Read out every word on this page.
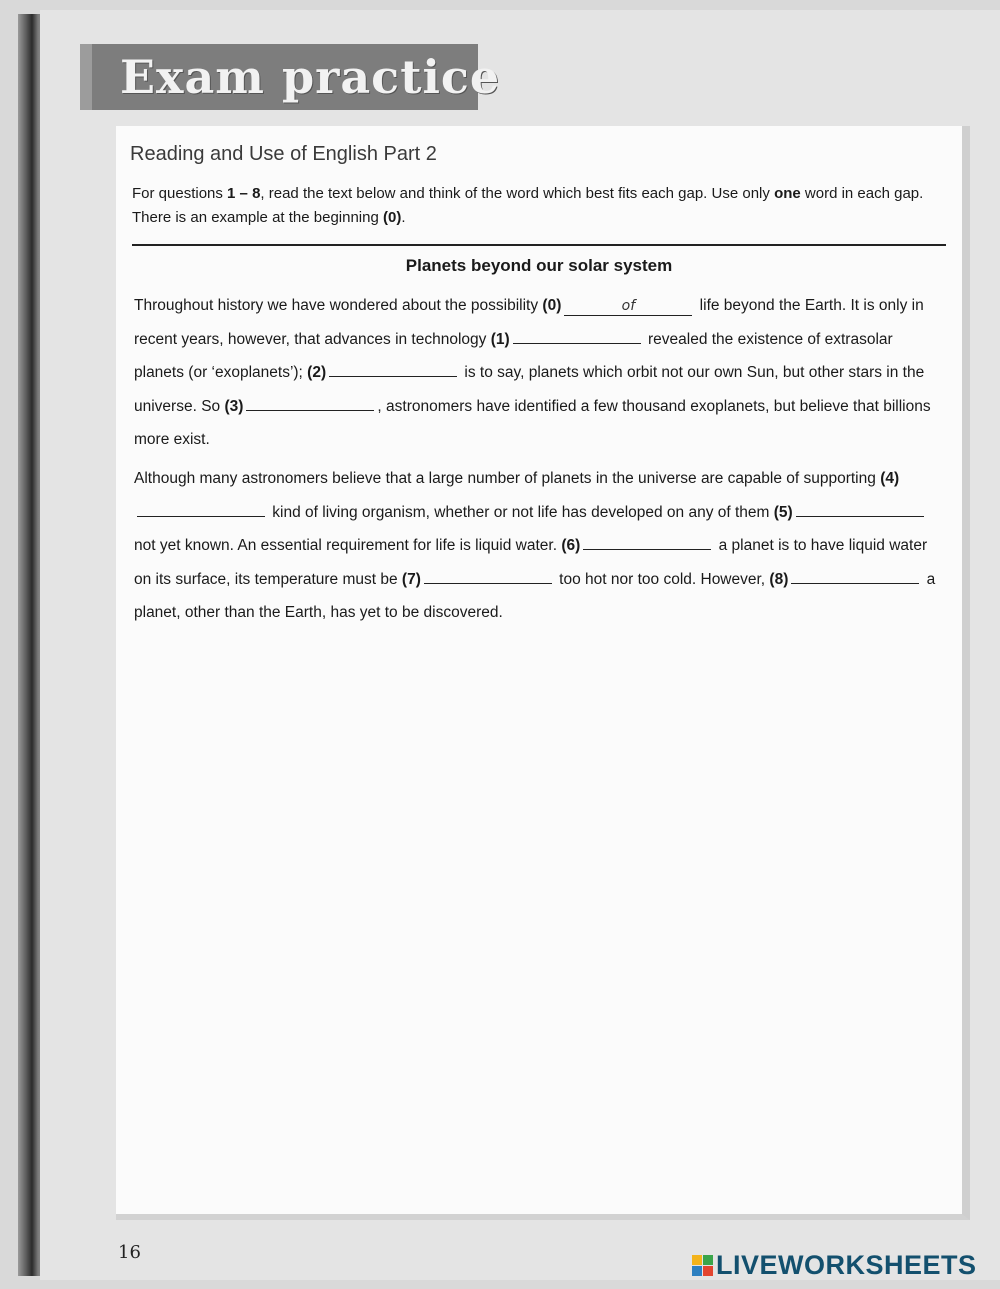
Exam practice
Reading and Use of English Part 2
For questions 1 – 8, read the text below and think of the word which best fits each gap. Use only one word in each gap. There is an example at the beginning (0).
Planets beyond our solar system
Throughout history we have wondered about the possibility (0)	of	life beyond the Earth. It is only in recent years, however, that advances in technology (1)	revealed the existence of extrasolar planets (or ‘exoplanets’); (2)	is to say, planets which orbit not our own Sun, but other stars in the universe. So (3)	, astronomers have identified a few thousand exoplanets, but believe that billions more exist.
Although many astronomers believe that a large number of planets in the universe are capable of supporting (4) kind of living organism, whether or not life has developed on any of them (5) not yet known. An essential requirement for life is liquid water. (6)	a planet is to have liquid water on its surface, its temperature must be (7)	too hot nor too cold. However, (8)	a planet, other than the Earth, has yet to be discovered.
16	LIVEWORKSHEETS
